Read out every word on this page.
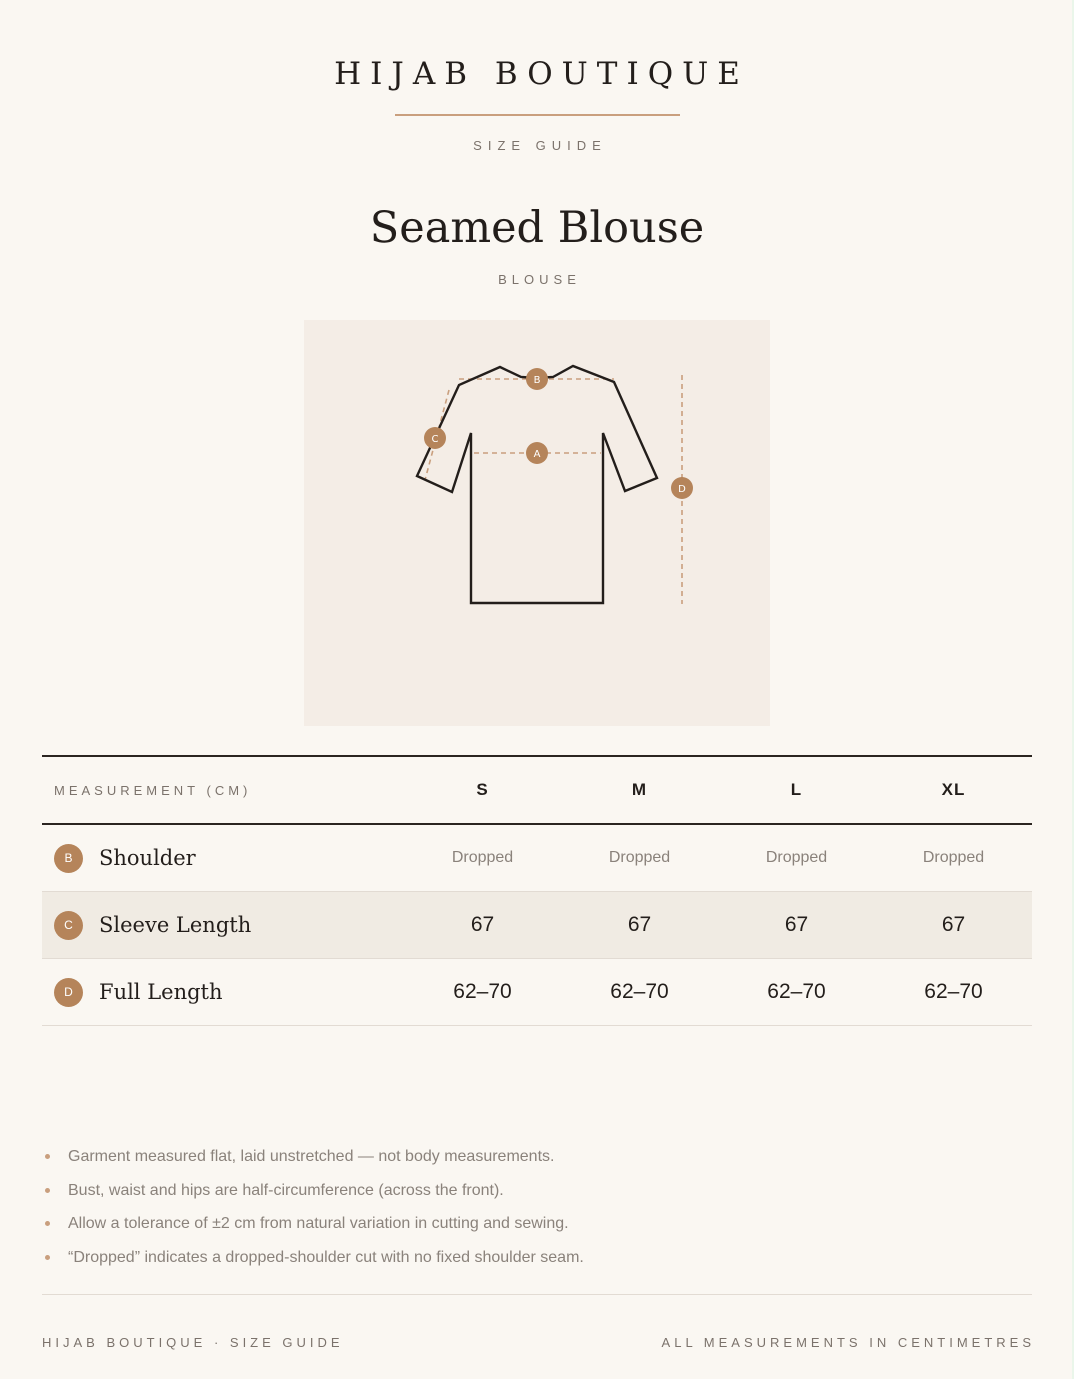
HIJAB BOUTIQUE
SIZE GUIDE
Seamed Blouse
BLOUSE
A
B
C
D
MEASUREMENT (CM)	S	M	L	XL
B	Shoulder	Dropped	Dropped	Dropped	Dropped
C	Sleeve Length	67	67	67	67
D	Full Length	62–70	62–70	62–70	62–70
Garment measured flat, laid unstretched — not body measurements.
Bust, waist and hips are half-circumference (across the front).
Allow a tolerance of ±2 cm from natural variation in cutting and sewing.
“Dropped” indicates a dropped-shoulder cut with no fixed shoulder seam.
HIJAB BOUTIQUE · SIZE GUIDE	ALL MEASUREMENTS IN CENTIMETRES
